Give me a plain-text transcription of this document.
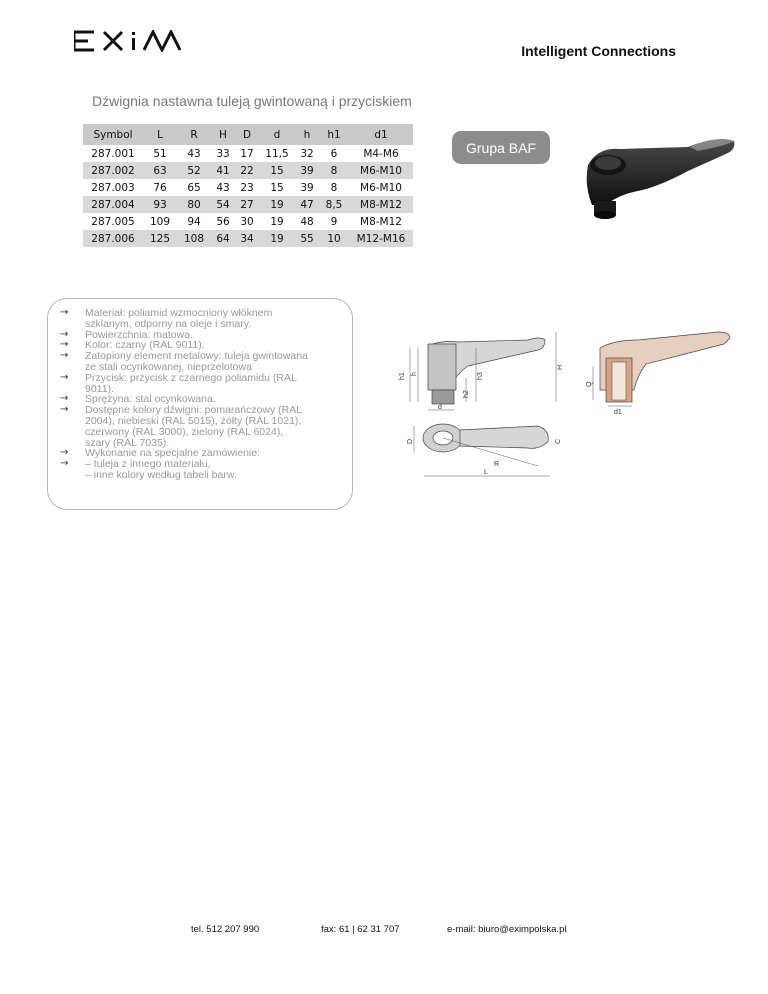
Intelligent Connections
Dźwignia nastawna tuleją gwintowaną i przyciskiem
Symbol	L	R	H	D	d	h	h1	d1
287.001	51	43	33	17	11,5	32	6	M4-M6
287.002	63	52	41	22	15	39	8	M6-M10
287.003	76	65	43	23	15	39	8	M6-M10
287.004	93	80	54	27	19	47	8,5	M8-M12
287.005	109	94	56	30	19	48	9	M8-M12
287.006	125	108	64	34	19	55	10	M12-M16
Grupa BAF
→ Materiał: poliamid wzmocniony włóknem
szklanym, odporny na oleje i smary.
→ Powierzchnia: matowa.
→ Kolor: czarny (RAL 9011).
→ Zatopiony element metalowy: tuleja gwintowana
ze stali ocynkowanej, nieprzelotowa
→ Przycisk: przycisk z czarnego poliamidu (RAL
9011).
→ Sprężyna: stal ocynkowana.
→ Dostępne kolory dźwigni: pomarańczowy (RAL
2004), niebieski (RAL 5015), żółty (RAL 1021),
czerwony (RAL 3000), zielony (RAL 6024),
szary (RAL 7035).
→ Wykonanie na specjalne zamówienie:
→ – tuleja z innego materiału,
– inne kolory według tabeli barw.
h1 h	h3
h2
H
d
Q
d1
D	C
R
L
tel. 512 207 990	fax: 61 | 62 31 707	e-mail: biuro@eximpolska.pl
